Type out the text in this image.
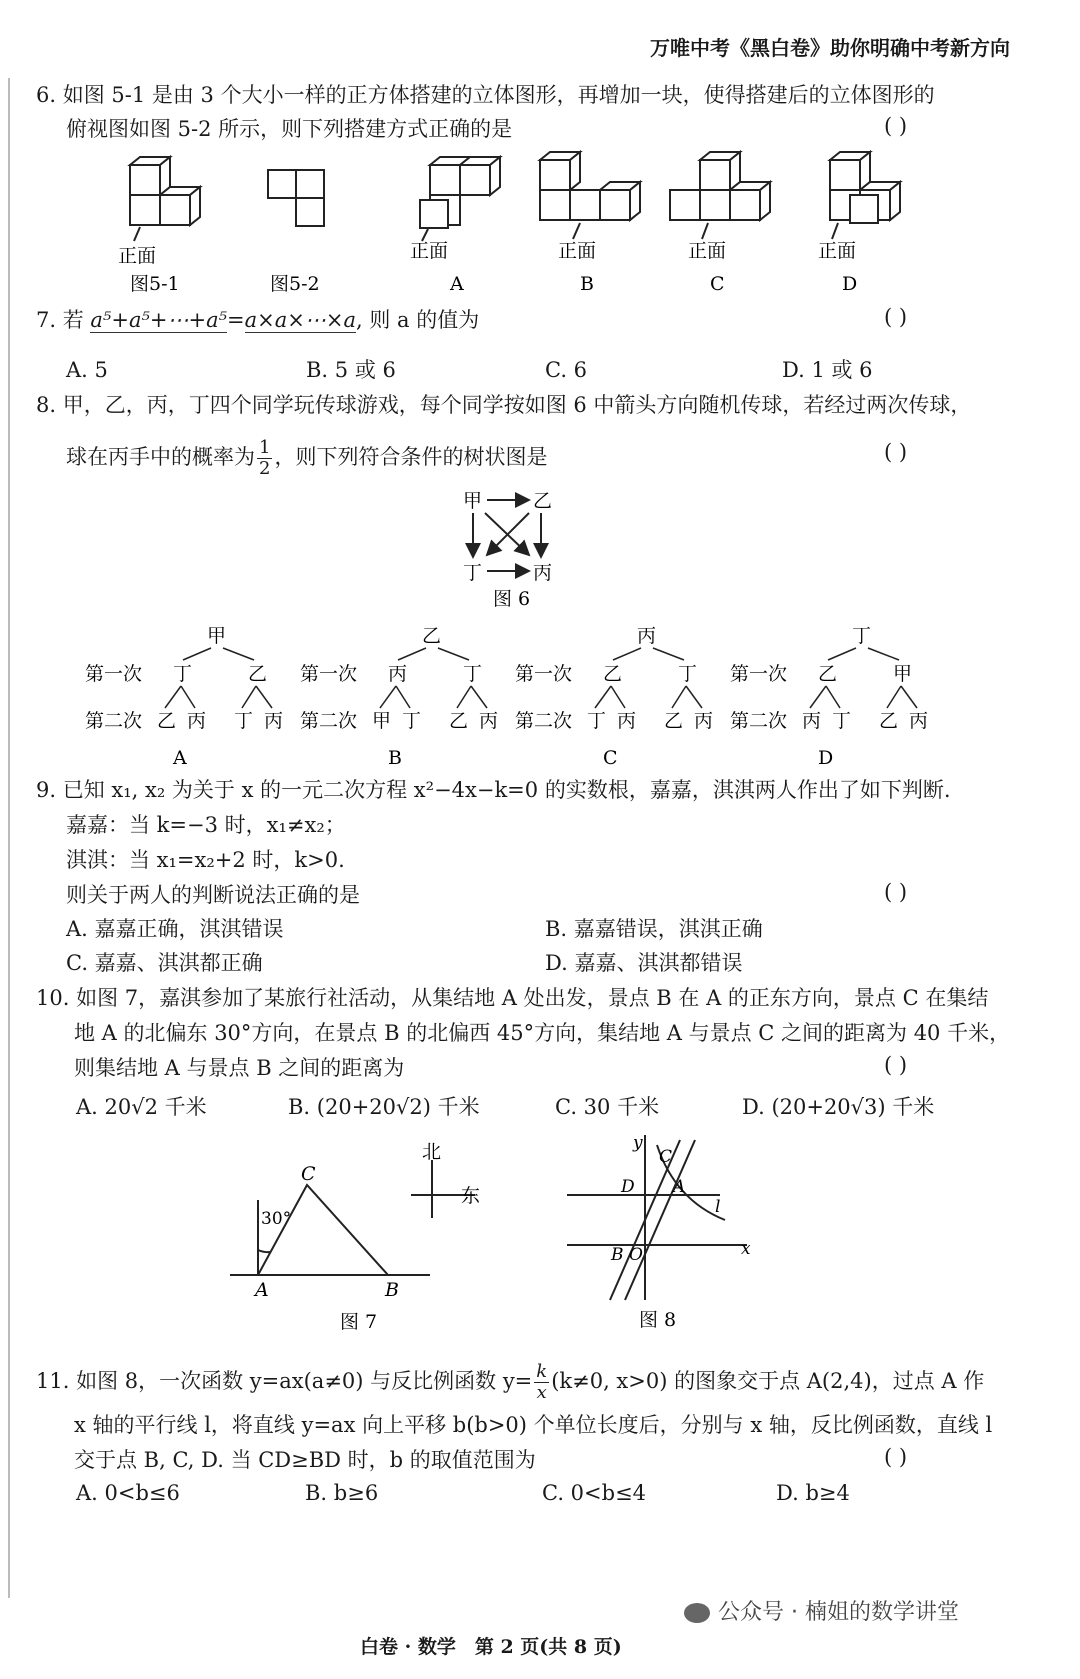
万唯中考《黑白卷》助你明确中考新方向
6. 如图 5-1 是由 3 个大小一样的正方体搭建的立体图形，再增加一块，使得搭建后的立体图形的
俯视图如图 5-2 所示，则下列搭建方式正确的是	( )
正面
图5-1	图5-2
正面
A
正面
B
正面
C
正面
D
7. 若 a⁵+a⁵+⋯+a⁵=a×a×⋯×a, 则 a 的值为	( )
A. 5	B. 5 或 6	C. 6	D. 1 或 6
8. 甲，乙，丙，丁四个同学玩传球游戏，每个同学按如图 6 中箭头方向随机传球，若经过两次传球，
球在丙手中的概率为 $\frac{1}{2}$ ，则下列符合条件的树状图是	( )
甲	乙
丁	丙
图 6
第一次
第二次
甲
丁	乙
乙 丙 丁 丙
A
第一次
第二次
乙
丙	丁
甲 丁 乙 丙
B
第一次
第二次
丙
乙	丁
丁 丙 乙 丙
C
第一次
第二次
丁
乙	甲
丙 丁 乙 丙
D
9. 已知 x₁, x₂ 为关于 x 的一元二次方程 x²−4x−k=0 的实数根，嘉嘉，淇淇两人作出了如下判断.
嘉嘉：当 k=−3 时，x₁≠x₂；
淇淇：当 x₁=x₂+2 时，k>0.
则关于两人的判断说法正确的是	( )
A. 嘉嘉正确，淇淇错误	B. 嘉嘉错误，淇淇正确
C. 嘉嘉、淇淇都正确	D. 嘉嘉、淇淇都错误
10. 如图 7，嘉淇参加了某旅行社活动，从集结地 A 处出发，景点 B 在 A 的正东方向，景点 C 在集结
地 A 的北偏东 30°方向，在景点 B 的北偏西 45°方向，集结地 A 与景点 C 之间的距离为 40 千米，
则集结地 A 与景点 B 之间的距离为	( )
A. 20√2 千米	B. (20+20√2) 千米	C. 30 千米	D. (20+20√3) 千米
C
A	B
30°
北
东
图 7
y
x
C
D A
l
B O
图 8
11. 如图 8，一次函数 y=ax(a≠0) 与反比例函数 $y= \frac{k}{x} (k\ne 0$, x>0) 的图象交于点 A(2,4)，过点 A 作
x 轴的平行线 l，将直线 y=ax 向上平移 b(b>0) 个单位长度后，分别与 x 轴，反比例函数，直线 l
交于点 B, C, D. 当 CD≥BD 时，b 的取值范围为	( )
A. 0<b≤6	B. b≥6	C. 0<b≤4	D. b≥4
公众号 · 楠姐的数学讲堂
白卷 · 数学　第 2 页(共 8 页)
